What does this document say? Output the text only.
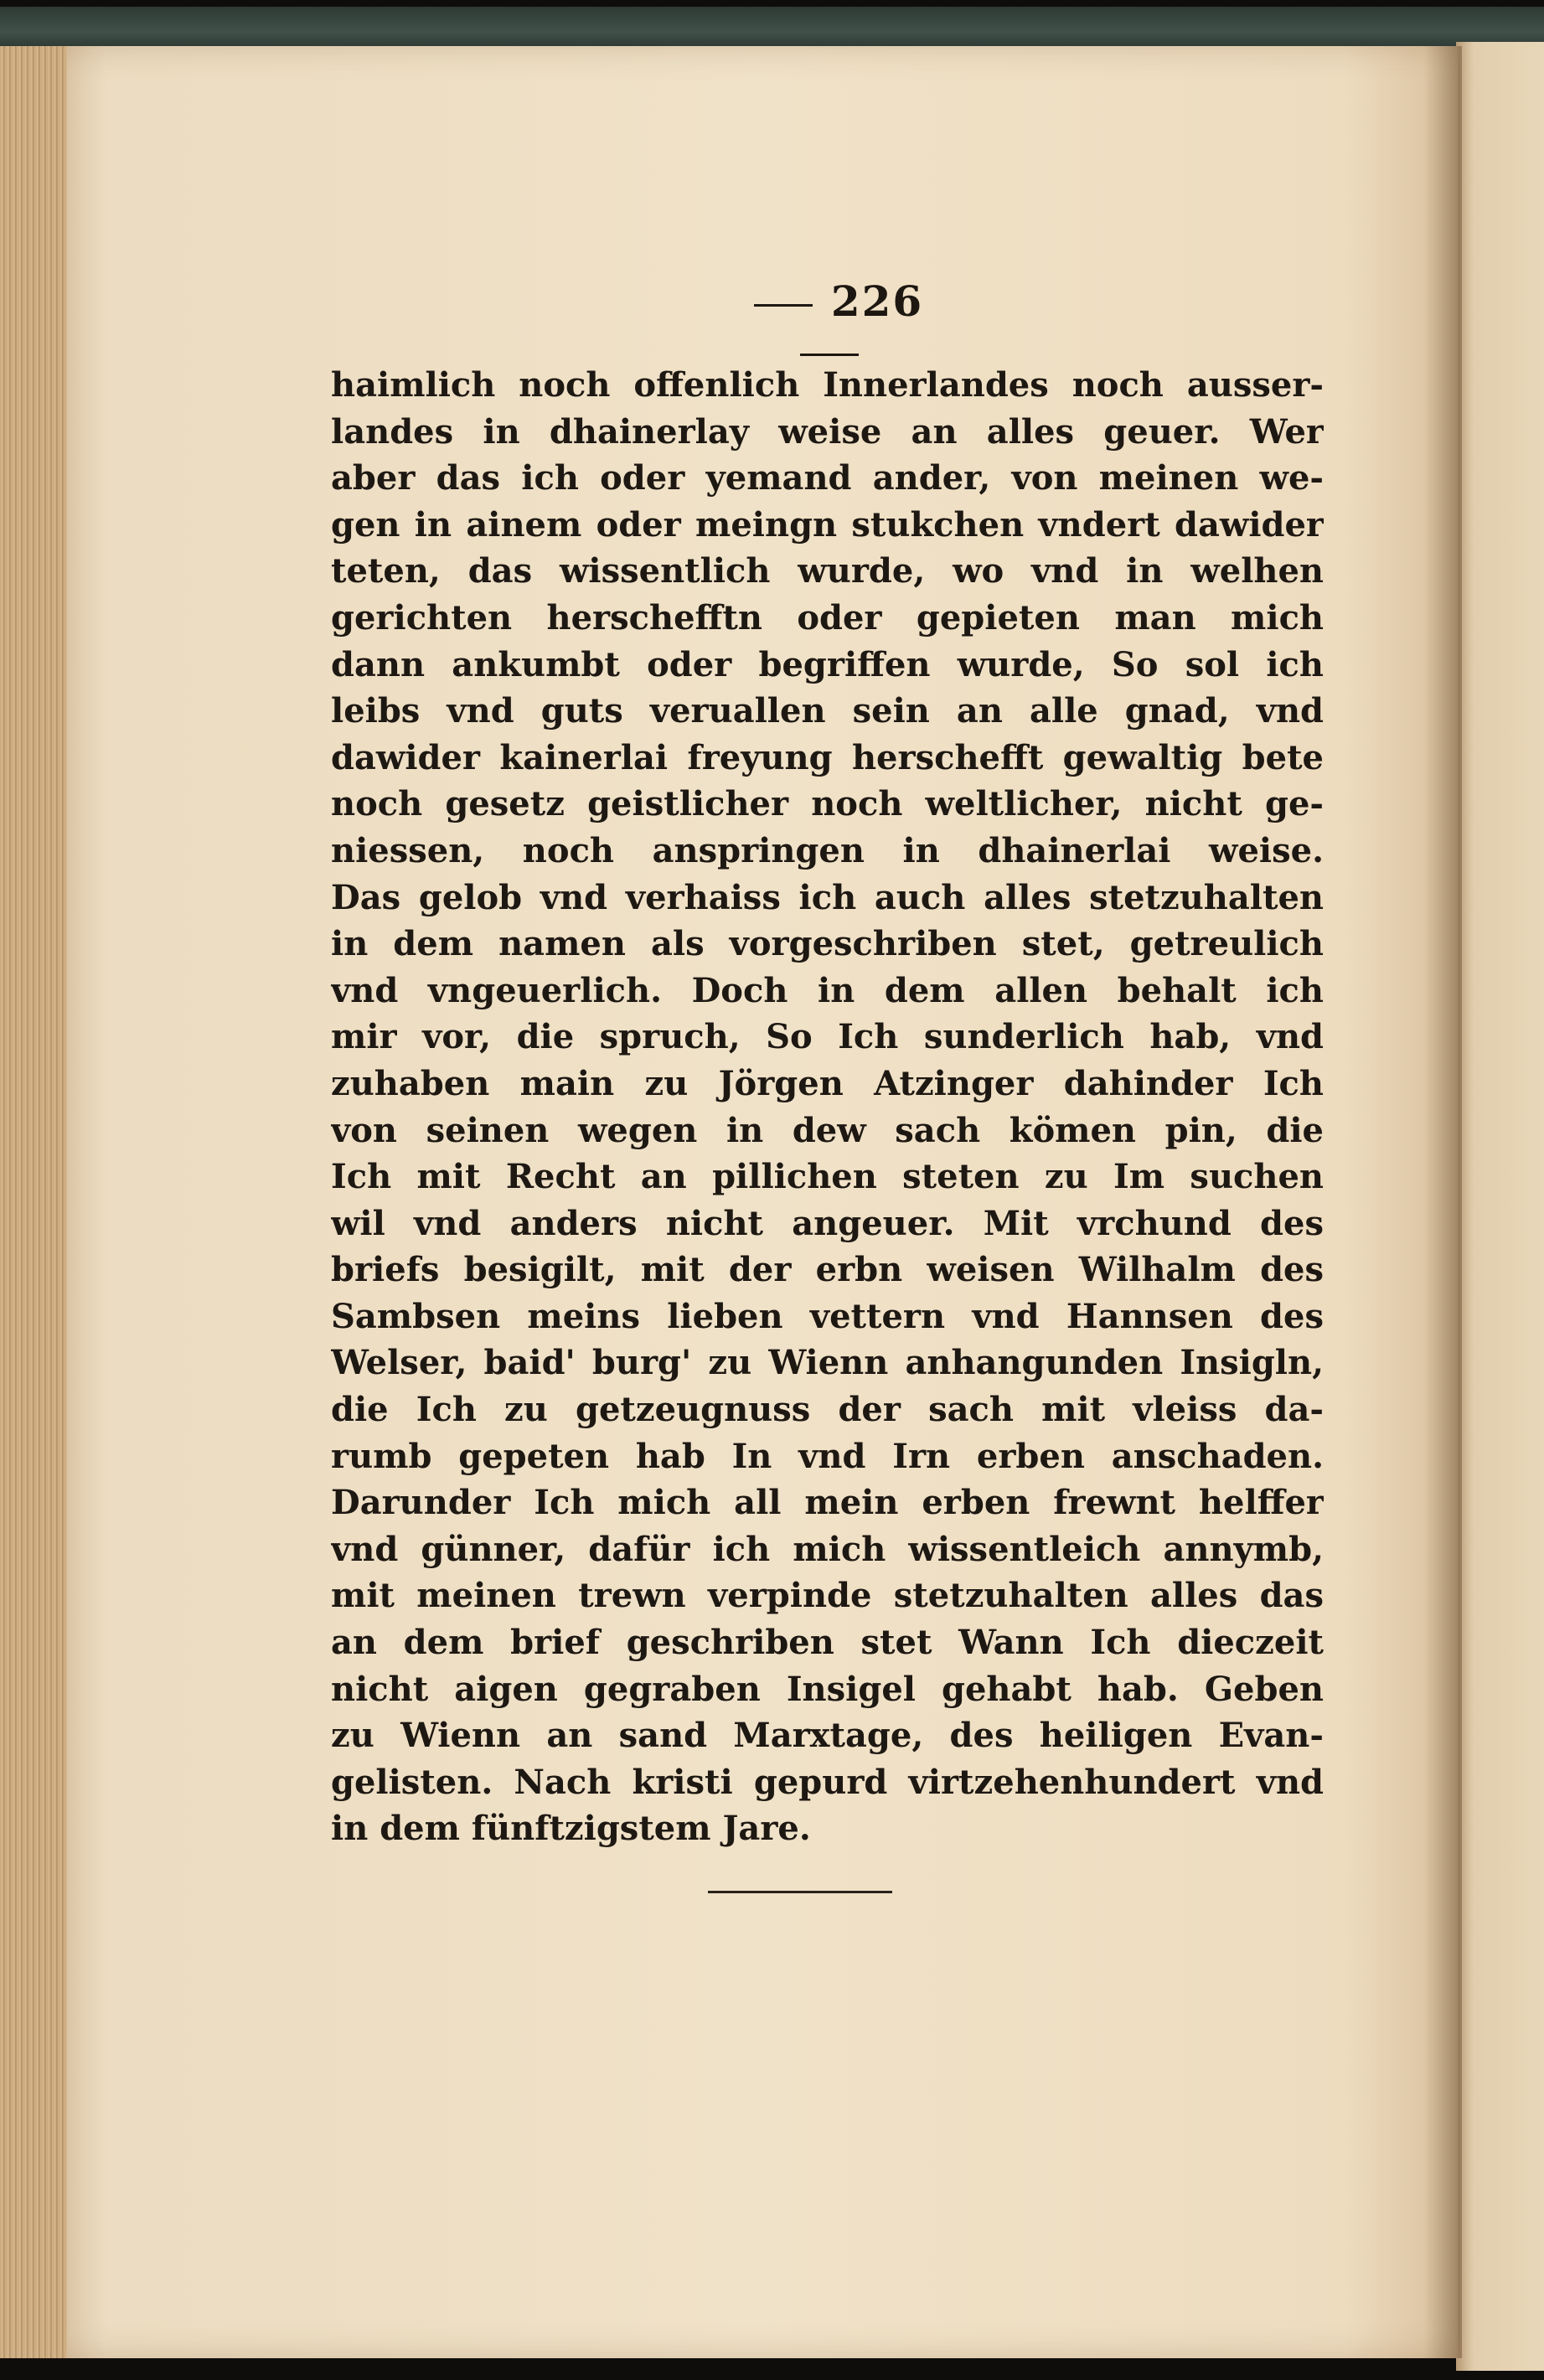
226
haimlich noch offenlich Innerlandes noch ausser-
landes in dhainerlay weise an alles geuer. Wer
aber das ich oder yemand ander, von meinen we-
gen in ainem oder meingn stukchen vndert dawider
teten, das wissentlich wurde, wo vnd in welhen
gerichten herschefftn oder gepieten man mich
dann ankumbt oder begriffen wurde, So sol ich
leibs vnd guts veruallen sein an alle gnad, vnd
dawider kainerlai freyung herschefft gewaltig bete
noch gesetz geistlicher noch weltlicher, nicht ge-
niessen, noch anspringen in dhainerlai weise.
Das gelob vnd verhaiss ich auch alles stetzuhalten
in dem namen als vorgeschriben stet, getreulich
vnd vngeuerlich. Doch in dem allen behalt ich
mir vor, die spruch, So Ich sunderlich hab, vnd
zuhaben main zu Jörgen Atzinger dahinder Ich
von seinen wegen in dew sach kömen pin, die
Ich mit Recht an pillichen steten zu Im suchen
wil vnd anders nicht angeuer. Mit vrchund des
briefs besigilt, mit der erbn weisen Wilhalm des
Sambsen meins lieben vettern vnd Hannsen des
Welser, baid' burg' zu Wienn anhangunden Insigln,
die Ich zu getzeugnuss der sach mit vleiss da-
rumb gepeten hab In vnd Irn erben anschaden.
Darunder Ich mich all mein erben frewnt helffer
vnd günner, dafür ich mich wissentleich annymb,
mit meinen trewn verpinde stetzuhalten alles das
an dem brief geschriben stet Wann Ich dieczeit
nicht aigen gegraben Insigel gehabt hab. Geben
zu Wienn an sand Marxtage, des heiligen Evan-
gelisten. Nach kristi gepurd virtzehenhundert vnd
in dem fünftzigstem Jare.
